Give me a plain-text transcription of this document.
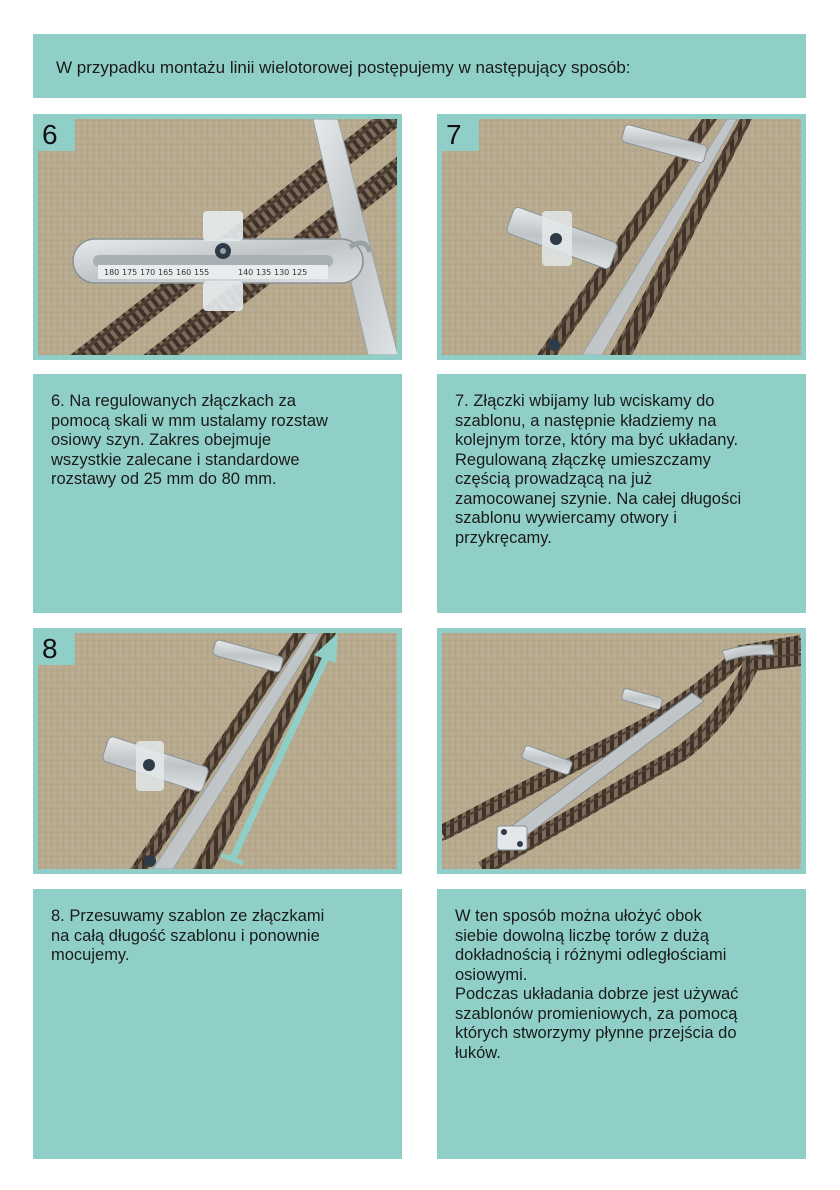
W przypadku montażu linii wielotorowej postępujemy w następujący sposób:
180 175 170 165 160 155	140 135 130 125
6	7

6. Na regulowanych złączkach za
pomocą skali w mm ustalamy rozstaw
osiowy szyn. Zakres obejmuje
wszystkie zalecane i standardowe
rozstawy od 25 mm do 80 mm.

7. Złączki wbijamy lub wciskamy do
szablonu, a następnie kładziemy na
kolejnym torze, który ma być układany.
Regulowaną złączkę umieszczamy
częścią prowadzącą na już
zamocowanej szynie. Na całej długości
szablonu wywiercamy otwory i
przykręcamy.

8

8. Przesuwamy szablon ze złączkami
na całą długość szablonu i ponownie
mocujemy.

W ten sposób można ułożyć obok
siebie dowolną liczbę torów z dużą
dokładnością i różnymi odległościami
osiowymi.
Podczas układania dobrze jest używać
szablonów promieniowych, za pomocą
których stworzymy płynne przejścia do
łuków.
